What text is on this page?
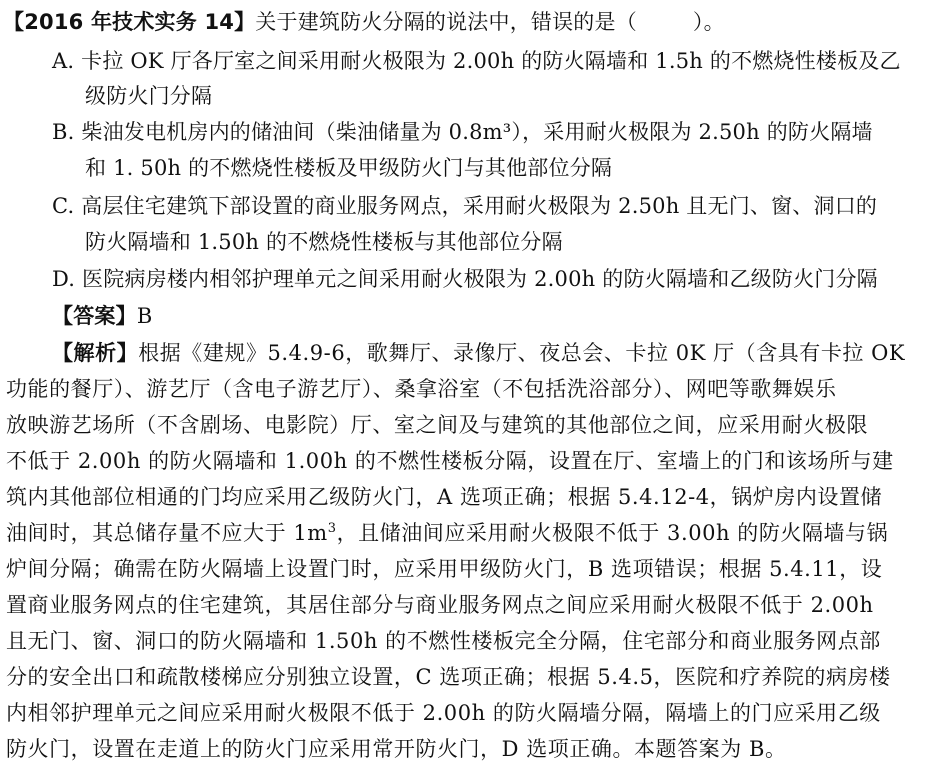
【2016 年技术实务 14】关于建筑防火分隔的说法中，错误的是（	）。
A. 卡拉 OK 厅各厅室之间采用耐火极限为 2.00h 的防火隔墙和 1.5h 的不燃烧性楼板及乙
级防火门分隔
B. 柴油发电机房内的储油间（柴油储量为 0.8m³），采用耐火极限为 2.50h 的防火隔墙
和 1. 50h 的不燃烧性楼板及甲级防火门与其他部位分隔
C. 高层住宅建筑下部设置的商业服务网点，采用耐火极限为 2.50h 且无门、窗、洞口的
防火隔墙和 1.50h 的不燃烧性楼板与其他部位分隔
D. 医院病房楼内相邻护理单元之间采用耐火极限为 2.00h 的防火隔墙和乙级防火门分隔
【答案】B
【解析】根据《建规》5.4.9-6，歌舞厅、录像厅、夜总会、卡拉 0K 厅（含具有卡拉 OK
功能的餐厅）、游艺厅（含电子游艺厅）、桑拿浴室（不包括洗浴部分）、网吧等歌舞娱乐
放映游艺场所（不含剧场、电影院）厅、室之间及与建筑的其他部位之间，应采用耐火极限
不低于 2.00h 的防火隔墙和 1.00h 的不燃性楼板分隔，设置在厅、室墙上的门和该场所与建
筑内其他部位相通的门均应采用乙级防火门，A 选项正确；根据 5.4.12-4，锅炉房内设置储
油间时，其总储存量不应大于 $1m^3$，且储油间应采用耐火极限不低于 3.00h 的防火隔墙与锅
炉间分隔；确需在防火隔墙上设置门时，应采用甲级防火门，B 选项错误；根据 5.4.11，设
置商业服务网点的住宅建筑，其居住部分与商业服务网点之间应采用耐火极限不低于 2.00h
且无门、窗、洞口的防火隔墙和 1.50h 的不燃性楼板完全分隔，住宅部分和商业服务网点部
分的安全出口和疏散楼梯应分别独立设置，C 选项正确；根据 5.4.5，医院和疗养院的病房楼
内相邻护理单元之间应采用耐火极限不低于 2.00h 的防火隔墙分隔，隔墙上的门应采用乙级
防火门，设置在走道上的防火门应采用常开防火门，D 选项正确。本题答案为 B。
